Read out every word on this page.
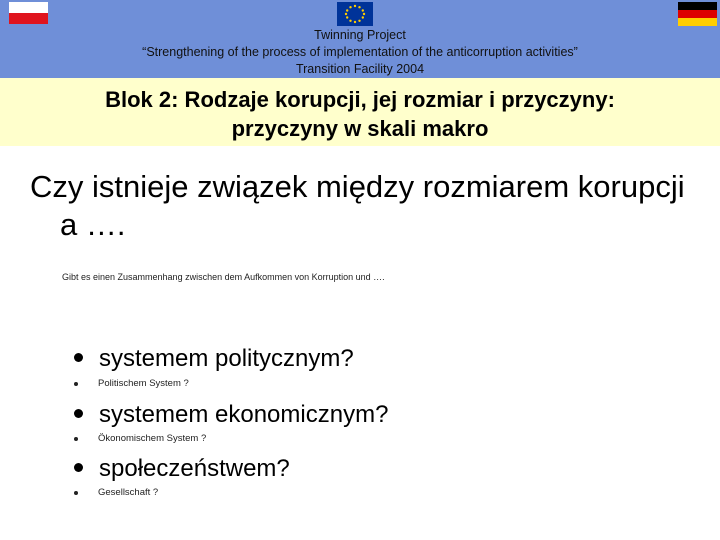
Twinning Project
“Strengthening of the process of implementation of the anticorruption activities”
Transition Facility 2004
Blok 2: Rodzaje korupcji, jej rozmiar i przyczyny:
przyczyny w skali makro
Czy istnieje związek między rozmiarem korupcji
a ….
Gibt es einen Zusammenhang zwischen dem Aufkommen von Korruption und ….
systemem politycznym?
Politischem System ?
systemem ekonomicznym?
Ökonomischem System ?
społeczeństwem?
Gesellschaft ?
